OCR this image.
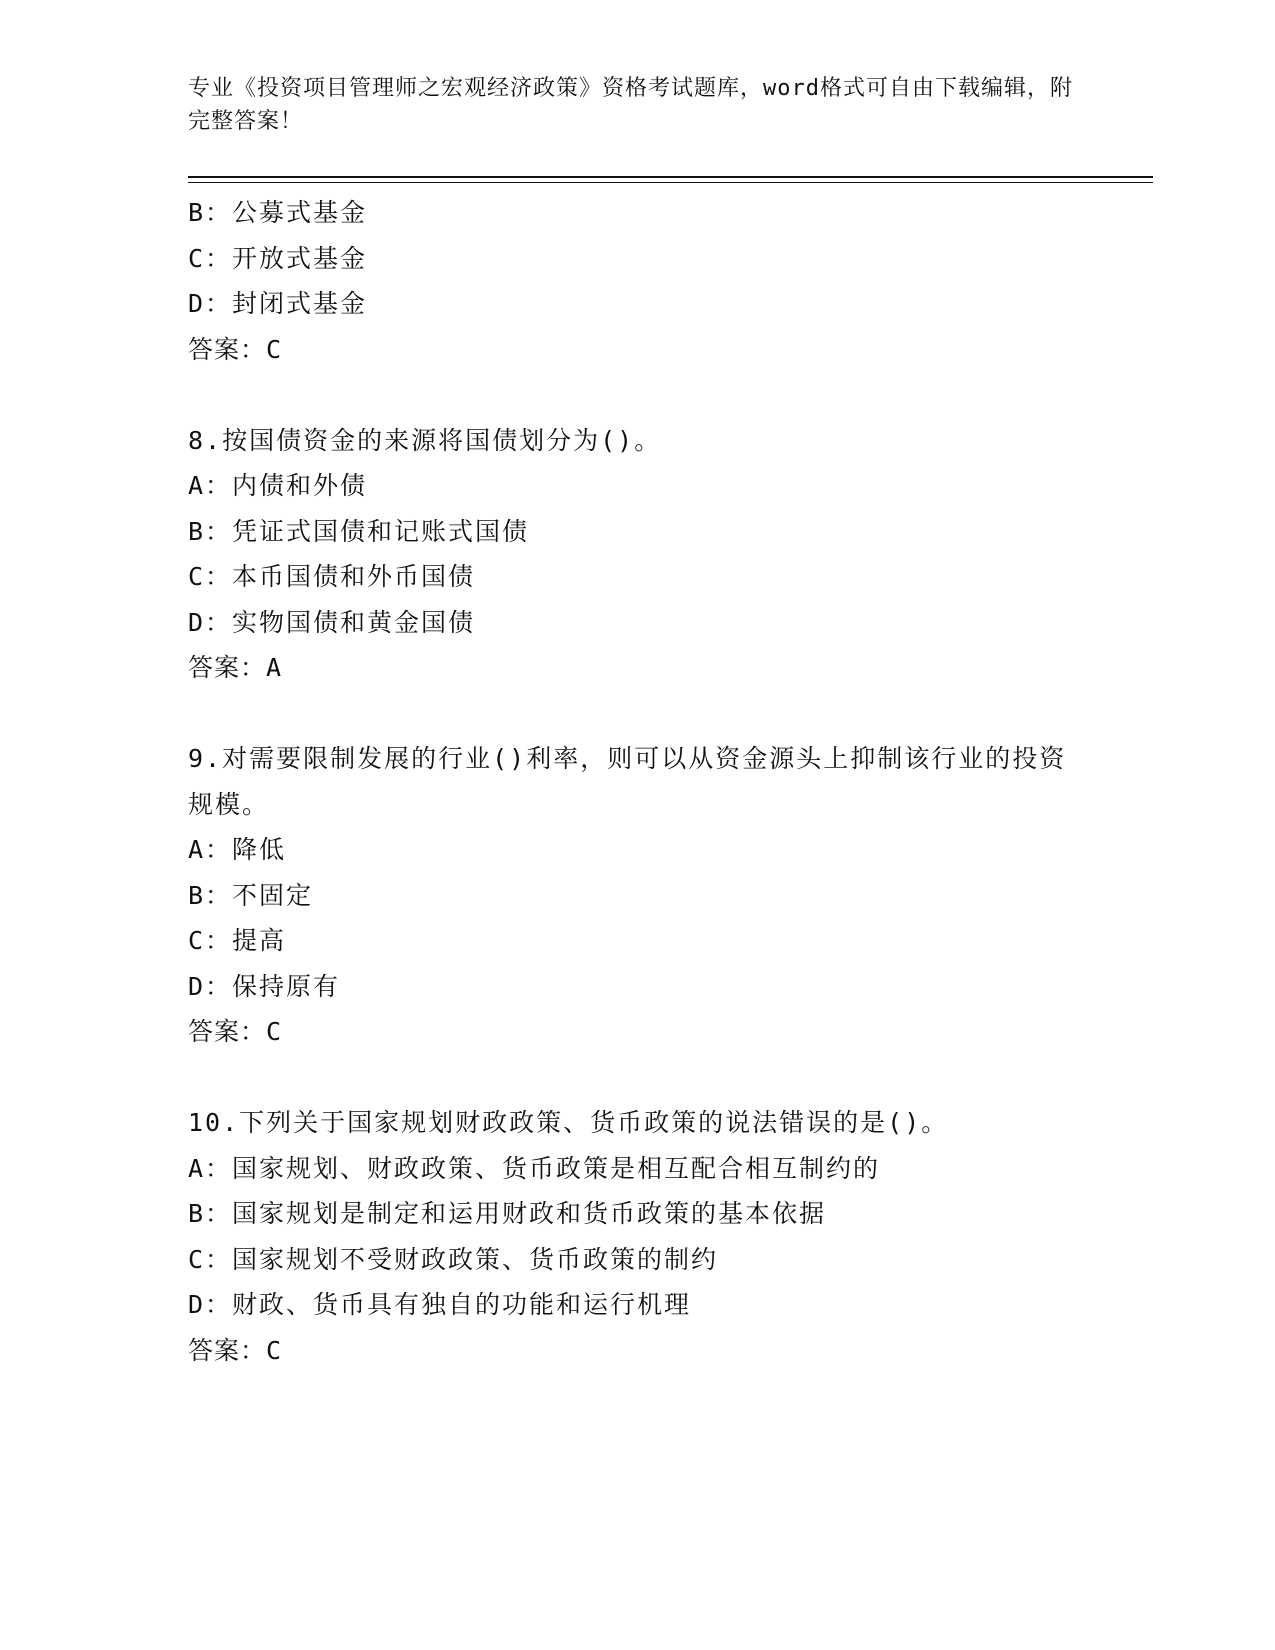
专业《投资项目管理师之宏观经济政策》资格考试题库，word格式可自由下载编辑，附完整答案！
B：公募式基金
C：开放式基金
D：封闭式基金
答案：C
8.按国债资金的来源将国债划分为()。
A：内债和外债
B：凭证式国债和记账式国债
C：本币国债和外币国债
D：实物国债和黄金国债
答案：A
9.对需要限制发展的行业()利率，则可以从资金源头上抑制该行业的投资规模。
A：降低
B：不固定
C：提高
D：保持原有
答案：C
10.下列关于国家规划财政政策、货币政策的说法错误的是()。
A：国家规划、财政政策、货币政策是相互配合相互制约的
B：国家规划是制定和运用财政和货币政策的基本依据
C：国家规划不受财政政策、货币政策的制约
D：财政、货币具有独自的功能和运行机理
答案：C
